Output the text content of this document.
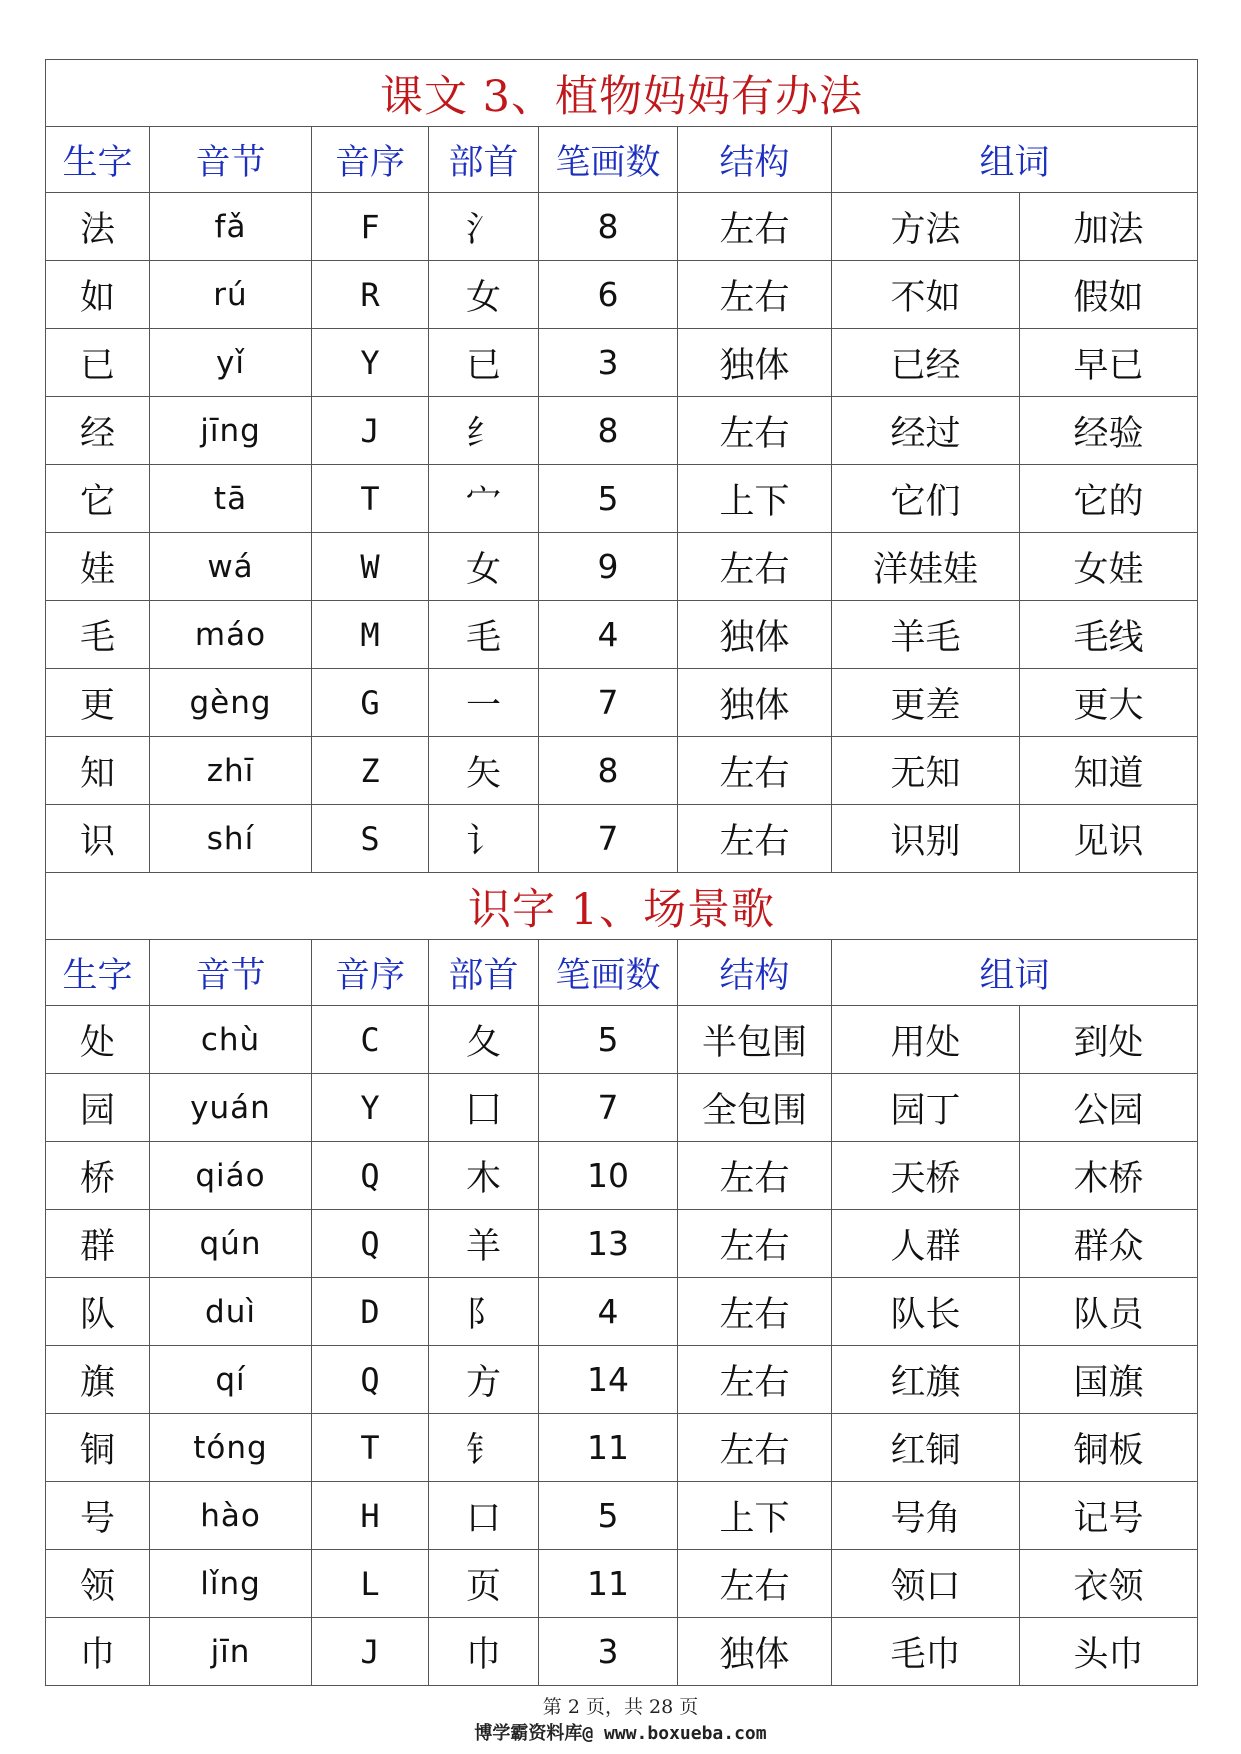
课文 3、植物妈妈有办法							
生字	音节	音序	部首	笔画数	结构	组词	
法	fǎ	F	氵	8	左右	方法	加法
如	rú	R	女	6	左右	不如	假如
已	yǐ	Y	已	3	独体	已经	早已
经	jīng	J	纟	8	左右	经过	经验
它	tā	T	宀	5	上下	它们	它的
娃	wá	W	女	9	左右	洋娃娃	女娃
毛	máo	M	毛	4	独体	羊毛	毛线
更	gèng	G	一	7	独体	更差	更大
知	zhī	Z	矢	8	左右	无知	知道
识	shí	S	讠	7	左右	识别	见识
识字 1、场景歌							
生字	音节	音序	部首	笔画数	结构	组词	
处	chù	C	夂	5	半包围	用处	到处
园	yuán	Y	囗	7	全包围	园丁	公园
桥	qiáo	Q	木	10	左右	天桥	木桥
群	qún	Q	羊	13	左右	人群	群众
队	duì	D	阝	4	左右	队长	队员
旗	qí	Q	方	14	左右	红旗	国旗
铜	tóng	T	钅	11	左右	红铜	铜板
号	hào	H	口	5	上下	号角	记号
领	lǐng	L	页	11	左右	领口	衣领
巾	jīn	J	巾	3	独体	毛巾	头巾
第 2 页，共 28 页
博学霸资料库@ www.boxueba.com
